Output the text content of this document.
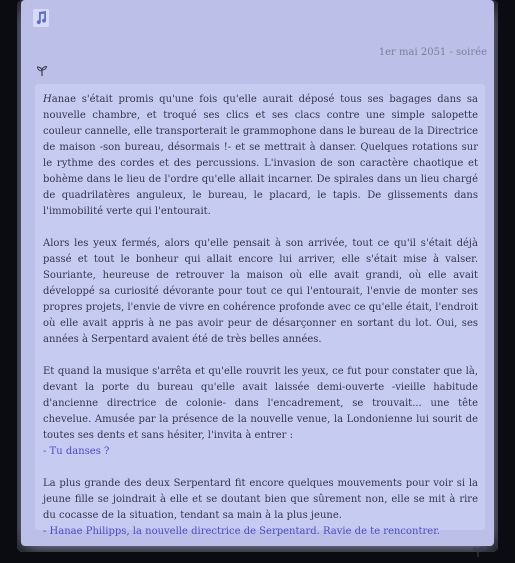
1er mai 2051 - soirée

Hanae s'était promis qu'une fois qu'elle aurait déposé tous ses bagages dans sa nouvelle chambre, et troqué ses clics et ses clacs contre une simple salopette couleur cannelle, elle transporterait le grammophone dans le bureau de la Directrice de maison -son bureau, désormais !- et se mettrait à danser. Quelques rotations sur le rythme des cordes et des percussions. L'invasion de son caractère chaotique et bohème dans le lieu de l'ordre qu'elle allait incarner. De spirales dans un lieu chargé de quadrilatères anguleux, le bureau, le placard, le tapis. De glissements dans l'immobilité verte qui l'entourait.

Alors les yeux fermés, alors qu'elle pensait à son arrivée, tout ce qu'il s'était déjà passé et tout le bonheur qui allait encore lui arriver, elle s'était mise à valser. Souriante, heureuse de retrouver la maison où elle avait grandi, où elle avait développé sa curiosité dévorante pour tout ce qui l'entourait, l'envie de monter ses propres projets, l'envie de vivre en cohérence profonde avec ce qu'elle était, l'endroit où elle avait appris à ne pas avoir peur de désarçonner en sortant du lot. Oui, ses années à Serpentard avaient été de très belles années.

Et quand la musique s'arrêta et qu'elle rouvrit les yeux, ce fut pour constater que là, devant la porte du bureau qu'elle avait laissée demi-ouverte -vieille habitude d'ancienne directrice de colonie- dans l'encadrement, se trouvait... une tête chevelue. Amusée par la présence de la nouvelle venue, la Londonienne lui sourit de toutes ses dents et sans hésiter, l'invita à entrer :
- Tu danses ?

La plus grande des deux Serpentard fit encore quelques mouvements pour voir si la jeune fille se joindrait à elle et se doutant bien que sûrement non, elle se mit à rire du cocasse de la situation, tendant sa main à la plus jeune.
- Hanae Philipps, la nouvelle directrice de Serpentard. Ravie de te rencontrer.
